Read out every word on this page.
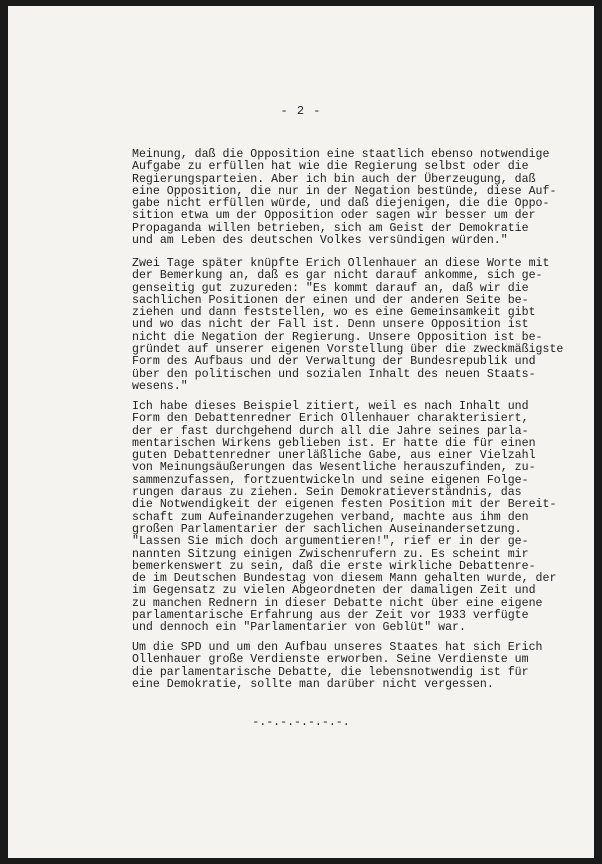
- 2 -

Meinung, daß die Opposition eine staatlich ebenso notwendige
Aufgabe zu erfüllen hat wie die Regierung selbst oder die
Regierungsparteien. Aber ich bin auch der Überzeugung, daß
eine Opposition, die nur in der Negation bestünde, diese Auf-
gabe nicht erfüllen würde, und daß diejenigen, die die Oppo-
sition etwa um der Opposition oder sagen wir besser um der
Propaganda willen betrieben, sich am Geist der Demokratie
und am Leben des deutschen Volkes versündigen würden."

Zwei Tage später knüpfte Erich Ollenhauer an diese Worte mit
der Bemerkung an, daß es gar nicht darauf ankomme, sich ge-
genseitig gut zuzureden: "Es kommt darauf an, daß wir die
sachlichen Positionen der einen und der anderen Seite be-
ziehen und dann feststellen, wo es eine Gemeinsamkeit gibt
und wo das nicht der Fall ist. Denn unsere Opposition ist
nicht die Negation der Regierung. Unsere Opposition ist be-
gründet auf unserer eigenen Vorstellung über die zweckmäßigste
Form des Aufbaus und der Verwaltung der Bundesrepublik und
über den politischen und sozialen Inhalt des neuen Staats-
wesens."

Ich habe dieses Beispiel zitiert, weil es nach Inhalt und
Form den Debattenredner Erich Ollenhauer charakterisiert,
der er fast durchgehend durch all die Jahre seines parla-
mentarischen Wirkens geblieben ist. Er hatte die für einen
guten Debattenredner unerläßliche Gabe, aus einer Vielzahl
von Meinungsäußerungen das Wesentliche herauszufinden, zu-
sammenzufassen, fortzuentwickeln und seine eigenen Folge-
rungen daraus zu ziehen. Sein Demokratieverständnis, das
die Notwendigkeit der eigenen festen Position mit der Bereit-
schaft zum Aufeinanderzugehen verband, machte aus ihm den
großen Parlamentarier der sachlichen Auseinandersetzung.
"Lassen Sie mich doch argumentieren!", rief er in der ge-
nannten Sitzung einigen Zwischenrufern zu. Es scheint mir
bemerkenswert zu sein, daß die erste wirkliche Debattenre-
de im Deutschen Bundestag von diesem Mann gehalten wurde, der
im Gegensatz zu vielen Abgeordneten der damaligen Zeit und
zu manchen Rednern in dieser Debatte nicht über eine eigene
parlamentarische Erfahrung aus der Zeit vor 1933 verfügte
und dennoch ein "Parlamentarier von Geblüt" war.

Um die SPD und um den Aufbau unseres Staates hat sich Erich
Ollenhauer große Verdienste erworben. Seine Verdienste um
die parlamentarische Debatte, die lebensnotwendig ist für
eine Demokratie, sollte man darüber nicht vergessen.

-.-.-.-.-.-.-.
